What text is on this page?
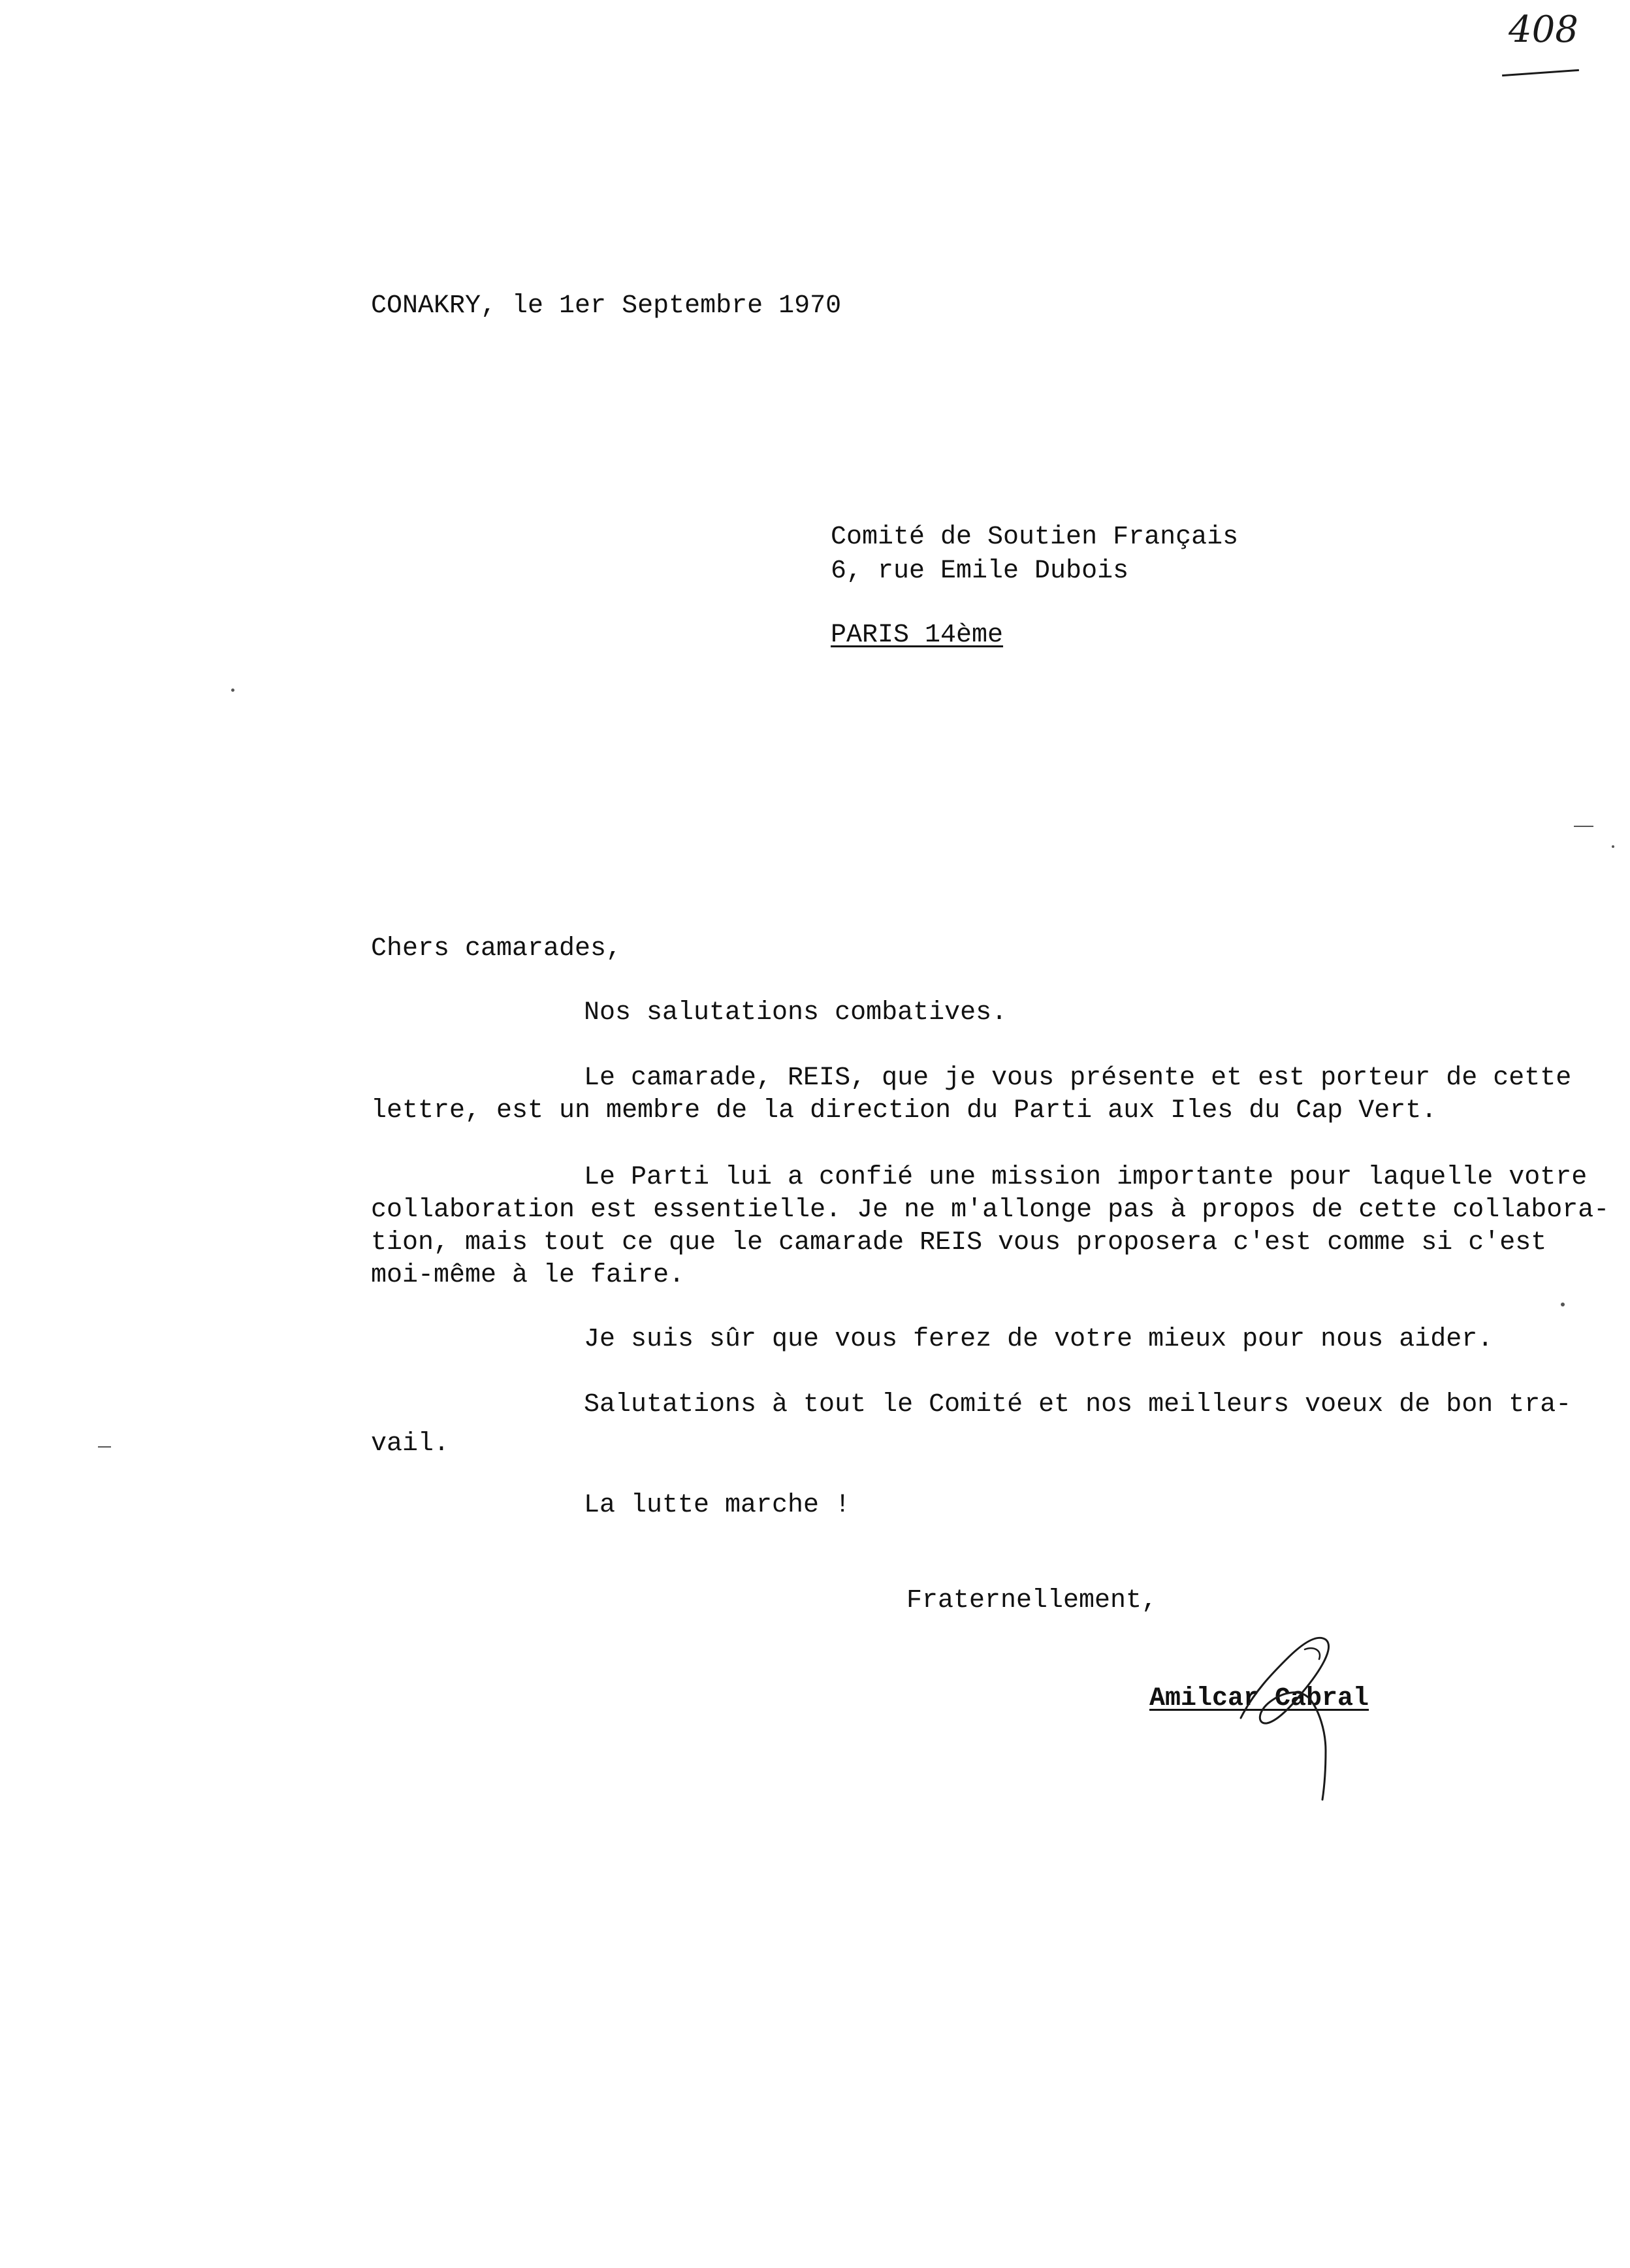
408
CONAKRY, le 1er Septembre 1970
Comité de Soutien Français
6, rue Emile Dubois
PARIS 14ème
Chers camarades,
Nos salutations combatives.
Le camarade, REIS, que je vous présente et est porteur de cette
lettre, est un membre de la direction du Parti aux Iles du Cap Vert.
Le Parti lui a confié une mission importante pour laquelle votre
collaboration est essentielle. Je ne m'allonge pas à propos de cette collabora-
tion, mais tout ce que le camarade REIS vous proposera c'est comme si c'est
moi-même à le faire.
Je suis sûr que vous ferez de votre mieux pour nous aider.
Salutations à tout le Comité et nos meilleurs voeux de bon tra-
vail.
La lutte marche !
Fraternellement,
Amilcar Cabral
